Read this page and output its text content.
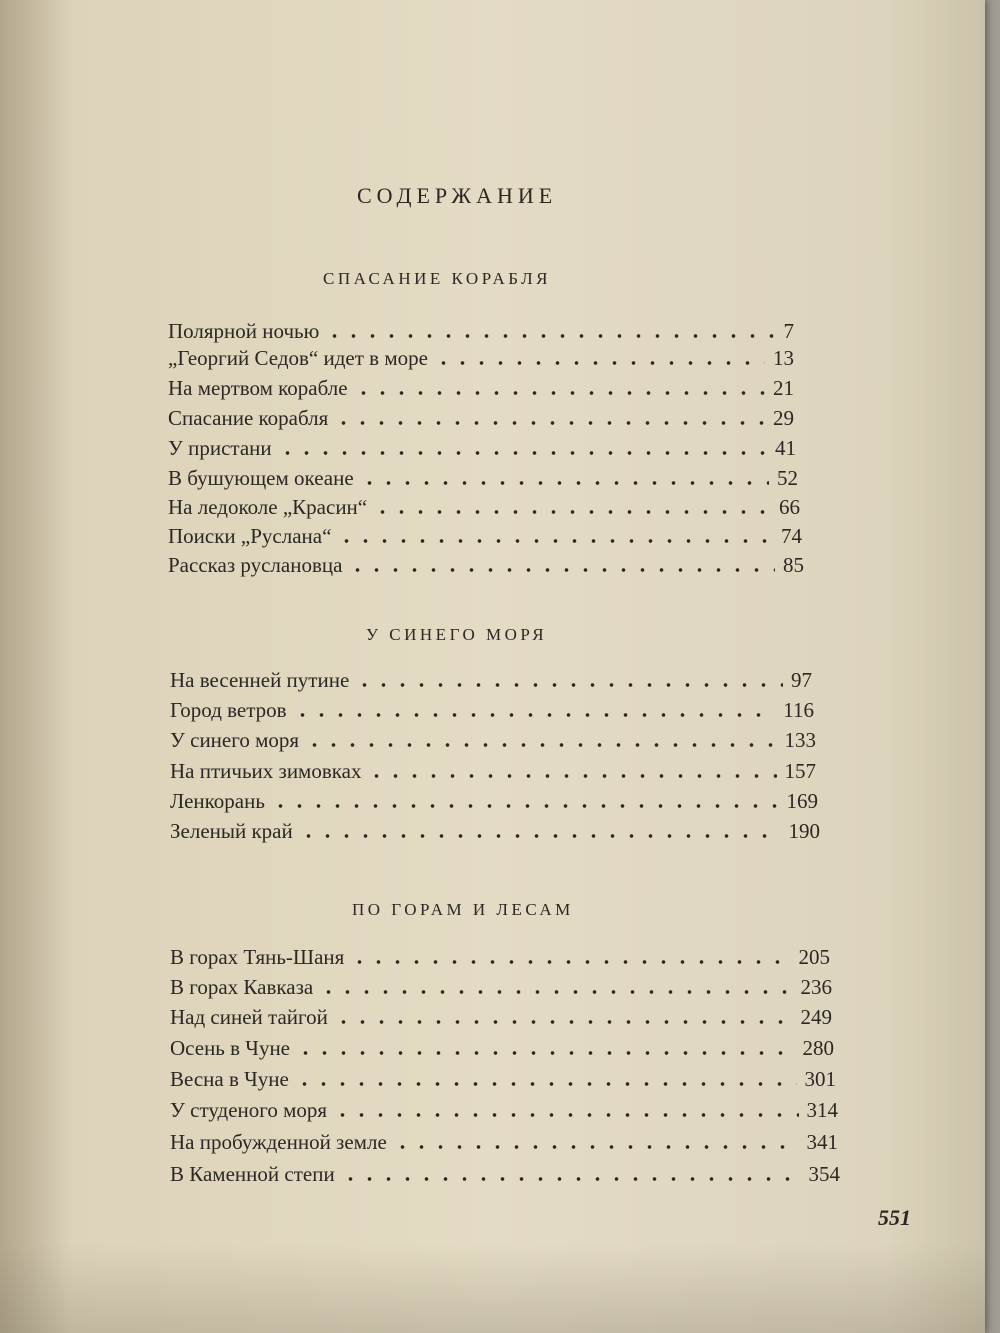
СОДЕРЖАНИЕ
СПАСАНИЕ КОРАБЛЯ
Полярной ночью	7
„Георгий Седов“ идет в море	13
На мертвом корабле	21
Спасание корабля	29
У пристани	41
В бушующем океане	52
На ледоколе „Красин“	66
Поиски „Руслана“	74
Рассказ руслановца	85
У СИНЕГО МОРЯ
На весенней путине	97
Город ветров	116
У синего моря	133
На птичьих зимовках	157
Ленкорань	169
Зеленый край	190
ПО ГОРАМ И ЛЕСАМ
В горах Тянь-Шаня	205
В горах Кавказа	236
Над синей тайгой	249
Осень в Чуне	280
Весна в Чуне	301
У студеного моря	314
На пробужденной земле	341
В Каменной степи	354
551
